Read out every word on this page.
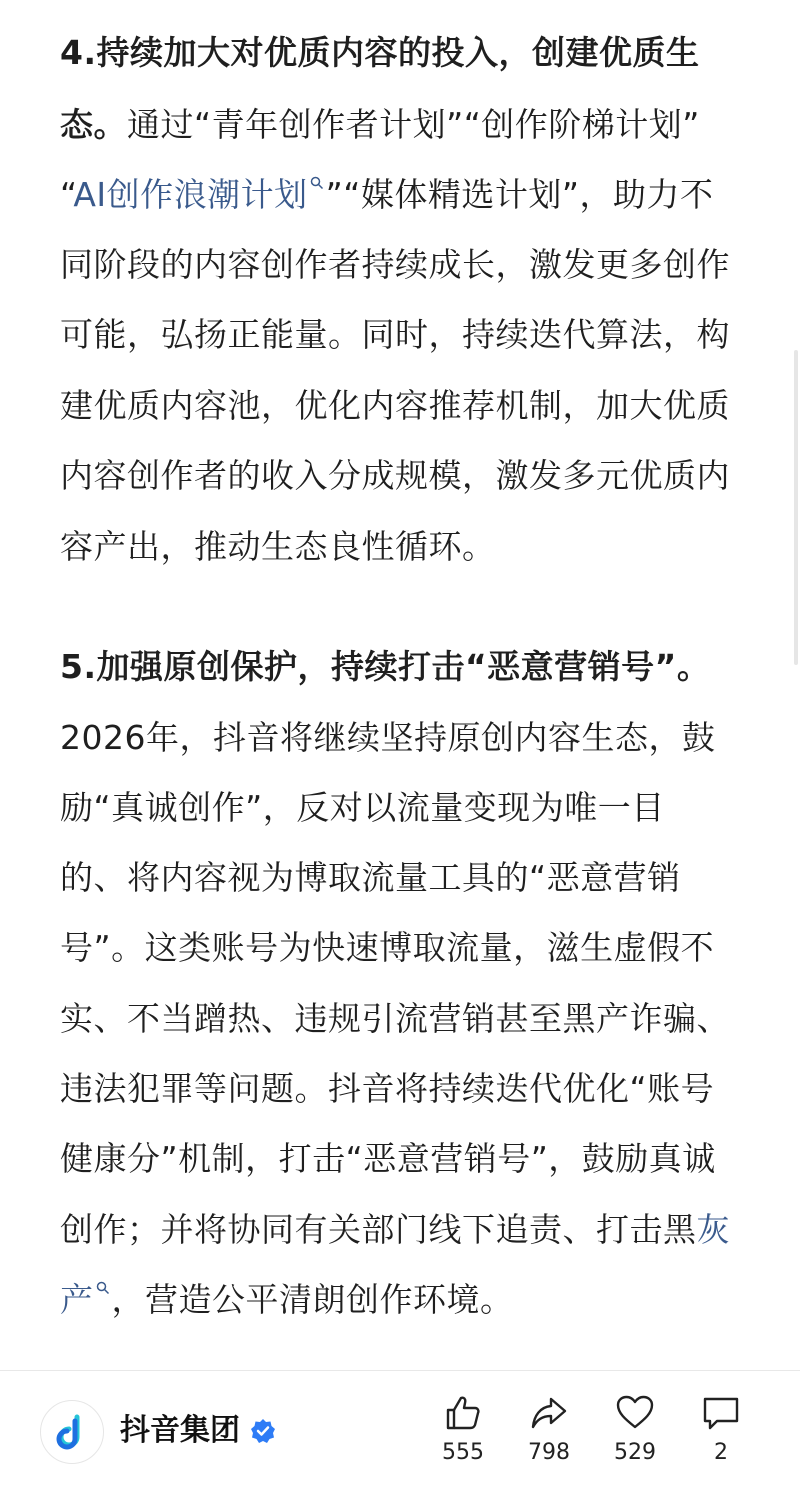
4.持续加大对优质内容的投入，创建优质生
态。通过“青年创作者计划”“创作阶梯计划”
“AI创作浪潮计划 ”“媒体精选计划”，助力不
同阶段的内容创作者持续成长，激发更多创作
可能，弘扬正能量。同时，持续迭代算法，构
建优质内容池，优化内容推荐机制，加大优质
内容创作者的收入分成规模，激发多元优质内
容产出，推动生态良性循环。
5.加强原创保护，持续打击“恶意营销号”。
2026年，抖音将继续坚持原创内容生态，鼓
励“真诚创作”，反对以流量变现为唯一目
的、将内容视为博取流量工具的“恶意营销
号”。这类账号为快速博取流量，滋生虚假不
实、不当蹭热、违规引流营销甚至黑产诈骗、
违法犯罪等问题。抖音将持续迭代优化“账号
健康分”机制，打击“恶意营销号”，鼓励真诚
创作；并将协同有关部门线下追责、打击黑灰
产 ，营造公平清朗创作环境。
抖音集团
555	798	529	2
